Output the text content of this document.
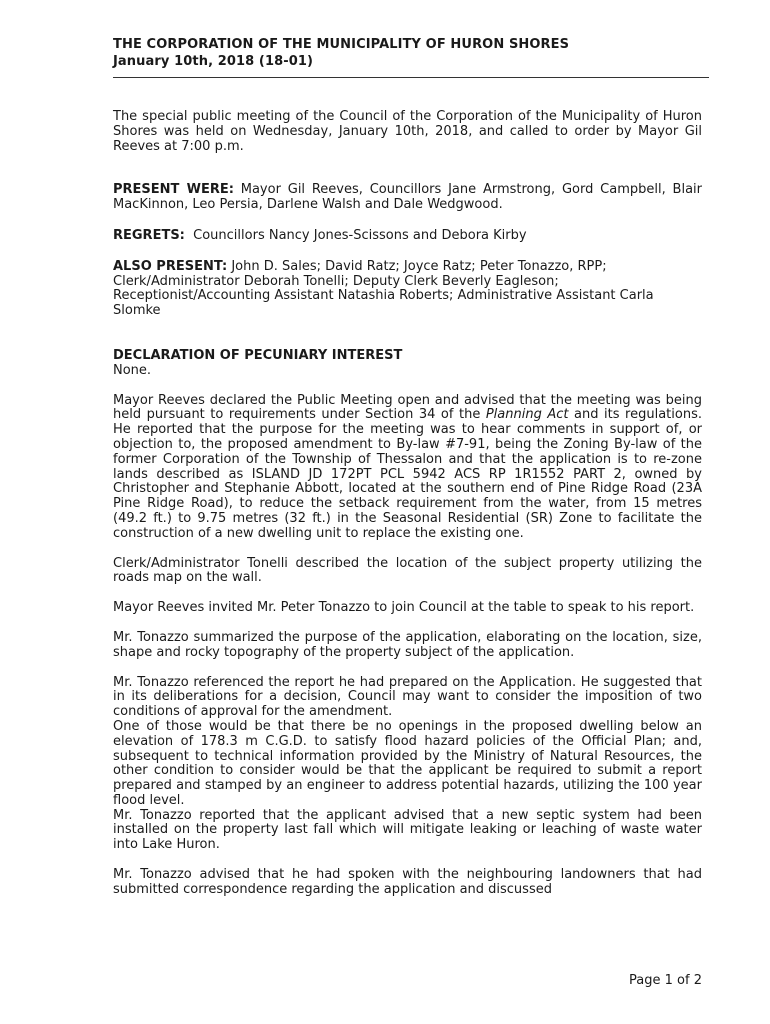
THE CORPORATION OF THE MUNICIPALITY OF HURON SHORES
January 10th, 2018 (18-01)

The special public meeting of the Council of the Corporation of the Municipality of Huron Shores was held on Wednesday, January 10th, 2018, and called to order by Mayor Gil Reeves at 7:00 p.m.

PRESENT WERE: Mayor Gil Reeves, Councillors Jane Armstrong, Gord Campbell, Blair MacKinnon, Leo Persia, Darlene Walsh and Dale Wedgwood.

REGRETS:  Councillors Nancy Jones-Scissons and Debora Kirby

ALSO PRESENT: John D. Sales; David Ratz; Joyce Ratz; Peter Tonazzo, RPP; Clerk/Administrator Deborah Tonelli; Deputy Clerk Beverly Eagleson; Receptionist/Accounting Assistant Natashia Roberts; Administrative Assistant Carla Slomke

DECLARATION OF PECUNIARY INTEREST

None.

Mayor Reeves declared the Public Meeting open and advised that the meeting was being held pursuant to requirements under Section 34 of the Planning Act and its regulations. He reported that the purpose for the meeting was to hear comments in support of, or objection to, the proposed amendment to By-law #7-91, being the Zoning By-law of the former Corporation of the Township of Thessalon and that the application is to re-zone lands described as ISLAND JD 172PT PCL 5942 ACS RP 1R1552 PART 2, owned by Christopher and Stephanie Abbott, located at the southern end of Pine Ridge Road (23A Pine Ridge Road), to reduce the setback requirement from the water, from 15 metres (49.2 ft.) to 9.75 metres (32 ft.) in the Seasonal Residential (SR) Zone to facilitate the construction of a new dwelling unit to replace the existing one.

Clerk/Administrator Tonelli described the location of the subject property utilizing the roads map on the wall.

Mayor Reeves invited Mr. Peter Tonazzo to join Council at the table to speak to his report.

Mr. Tonazzo summarized the purpose of the application, elaborating on the location, size, shape and rocky topography of the property subject of the application.

Mr. Tonazzo referenced the report he had prepared on the Application. He suggested that in its deliberations for a decision, Council may want to consider the imposition of two conditions of approval for the amendment.

One of those would be that there be no openings in the proposed dwelling below an elevation of 178.3 m C.G.D. to satisfy flood hazard policies of the Official Plan; and, subsequent to technical information provided by the Ministry of Natural Resources, the other condition to consider would be that the applicant be required to submit a report prepared and stamped by an engineer to address potential hazards, utilizing the 100 year flood level.

Mr. Tonazzo reported that the applicant advised that a new septic system had been installed on the property last fall which will mitigate leaking or leaching of waste water into Lake Huron.

Mr. Tonazzo advised that he had spoken with the neighbouring landowners that had submitted correspondence regarding the application and discussed

Page 1 of 2
